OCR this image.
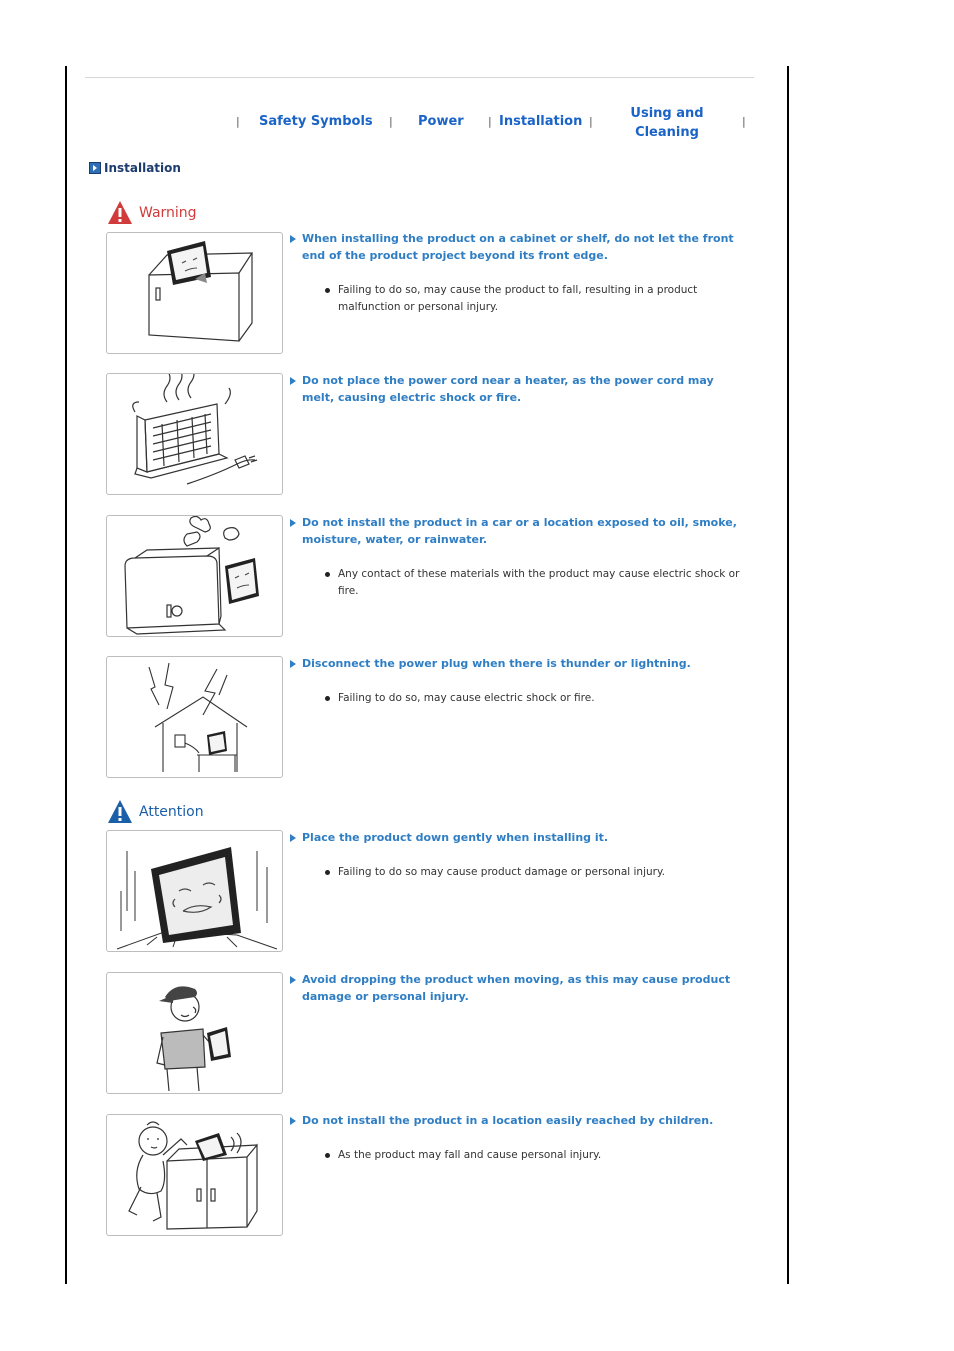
| Safety Symbols | Power | Installation |
Using and
Cleaning
|
Installation
Warning
Attention
When installing the product on a cabinet or shelf, do not let the front end of the product project beyond its front edge.
Failing to do so, may cause the product to fall, resulting in a product malfunction or personal injury.
Do not place the power cord near a heater, as the power cord may melt, causing electric shock or fire.
Do not install the product in a car or a location exposed to oil, smoke, moisture, water, or rainwater.
Any contact of these materials with the product may cause electric shock or fire.
Disconnect the power plug when there is thunder or lightning.
Failing to do so, may cause electric shock or fire.
Place the product down gently when installing it.
Failing to do so may cause product damage or personal injury.
Avoid dropping the product when moving, as this may cause product damage or personal injury.
Do not install the product in a location easily reached by children.
As the product may fall and cause personal injury.
